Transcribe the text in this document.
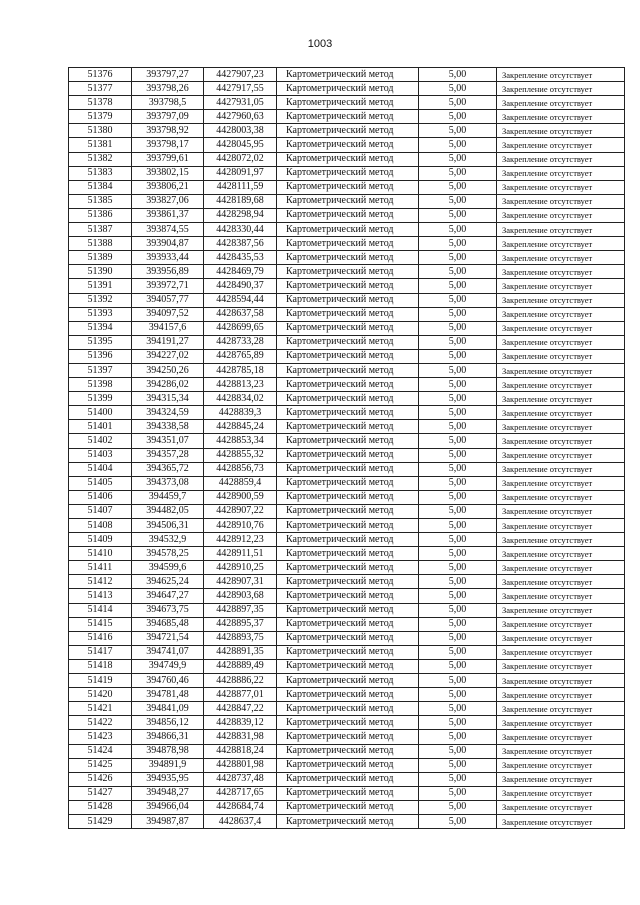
1003
51376	393797,27	4427907,23	Картометрический метод	5,00	Закрепление отсутствует
51377	393798,26	4427917,55	Картометрический метод	5,00	Закрепление отсутствует
51378	393798,5	4427931,05	Картометрический метод	5,00	Закрепление отсутствует
51379	393797,09	4427960,63	Картометрический метод	5,00	Закрепление отсутствует
51380	393798,92	4428003,38	Картометрический метод	5,00	Закрепление отсутствует
51381	393798,17	4428045,95	Картометрический метод	5,00	Закрепление отсутствует
51382	393799,61	4428072,02	Картометрический метод	5,00	Закрепление отсутствует
51383	393802,15	4428091,97	Картометрический метод	5,00	Закрепление отсутствует
51384	393806,21	4428111,59	Картометрический метод	5,00	Закрепление отсутствует
51385	393827,06	4428189,68	Картометрический метод	5,00	Закрепление отсутствует
51386	393861,37	4428298,94	Картометрический метод	5,00	Закрепление отсутствует
51387	393874,55	4428330,44	Картометрический метод	5,00	Закрепление отсутствует
51388	393904,87	4428387,56	Картометрический метод	5,00	Закрепление отсутствует
51389	393933,44	4428435,53	Картометрический метод	5,00	Закрепление отсутствует
51390	393956,89	4428469,79	Картометрический метод	5,00	Закрепление отсутствует
51391	393972,71	4428490,37	Картометрический метод	5,00	Закрепление отсутствует
51392	394057,77	4428594,44	Картометрический метод	5,00	Закрепление отсутствует
51393	394097,52	4428637,58	Картометрический метод	5,00	Закрепление отсутствует
51394	394157,6	4428699,65	Картометрический метод	5,00	Закрепление отсутствует
51395	394191,27	4428733,28	Картометрический метод	5,00	Закрепление отсутствует
51396	394227,02	4428765,89	Картометрический метод	5,00	Закрепление отсутствует
51397	394250,26	4428785,18	Картометрический метод	5,00	Закрепление отсутствует
51398	394286,02	4428813,23	Картометрический метод	5,00	Закрепление отсутствует
51399	394315,34	4428834,02	Картометрический метод	5,00	Закрепление отсутствует
51400	394324,59	4428839,3	Картометрический метод	5,00	Закрепление отсутствует
51401	394338,58	4428845,24	Картометрический метод	5,00	Закрепление отсутствует
51402	394351,07	4428853,34	Картометрический метод	5,00	Закрепление отсутствует
51403	394357,28	4428855,32	Картометрический метод	5,00	Закрепление отсутствует
51404	394365,72	4428856,73	Картометрический метод	5,00	Закрепление отсутствует
51405	394373,08	4428859,4	Картометрический метод	5,00	Закрепление отсутствует
51406	394459,7	4428900,59	Картометрический метод	5,00	Закрепление отсутствует
51407	394482,05	4428907,22	Картометрический метод	5,00	Закрепление отсутствует
51408	394506,31	4428910,76	Картометрический метод	5,00	Закрепление отсутствует
51409	394532,9	4428912,23	Картометрический метод	5,00	Закрепление отсутствует
51410	394578,25	4428911,51	Картометрический метод	5,00	Закрепление отсутствует
51411	394599,6	4428910,25	Картометрический метод	5,00	Закрепление отсутствует
51412	394625,24	4428907,31	Картометрический метод	5,00	Закрепление отсутствует
51413	394647,27	4428903,68	Картометрический метод	5,00	Закрепление отсутствует
51414	394673,75	4428897,35	Картометрический метод	5,00	Закрепление отсутствует
51415	394685,48	4428895,37	Картометрический метод	5,00	Закрепление отсутствует
51416	394721,54	4428893,75	Картометрический метод	5,00	Закрепление отсутствует
51417	394741,07	4428891,35	Картометрический метод	5,00	Закрепление отсутствует
51418	394749,9	4428889,49	Картометрический метод	5,00	Закрепление отсутствует
51419	394760,46	4428886,22	Картометрический метод	5,00	Закрепление отсутствует
51420	394781,48	4428877,01	Картометрический метод	5,00	Закрепление отсутствует
51421	394841,09	4428847,22	Картометрический метод	5,00	Закрепление отсутствует
51422	394856,12	4428839,12	Картометрический метод	5,00	Закрепление отсутствует
51423	394866,31	4428831,98	Картометрический метод	5,00	Закрепление отсутствует
51424	394878,98	4428818,24	Картометрический метод	5,00	Закрепление отсутствует
51425	394891,9	4428801,98	Картометрический метод	5,00	Закрепление отсутствует
51426	394935,95	4428737,48	Картометрический метод	5,00	Закрепление отсутствует
51427	394948,27	4428717,65	Картометрический метод	5,00	Закрепление отсутствует
51428	394966,04	4428684,74	Картометрический метод	5,00	Закрепление отсутствует
51429	394987,87	4428637,4	Картометрический метод	5,00	Закрепление отсутствует
